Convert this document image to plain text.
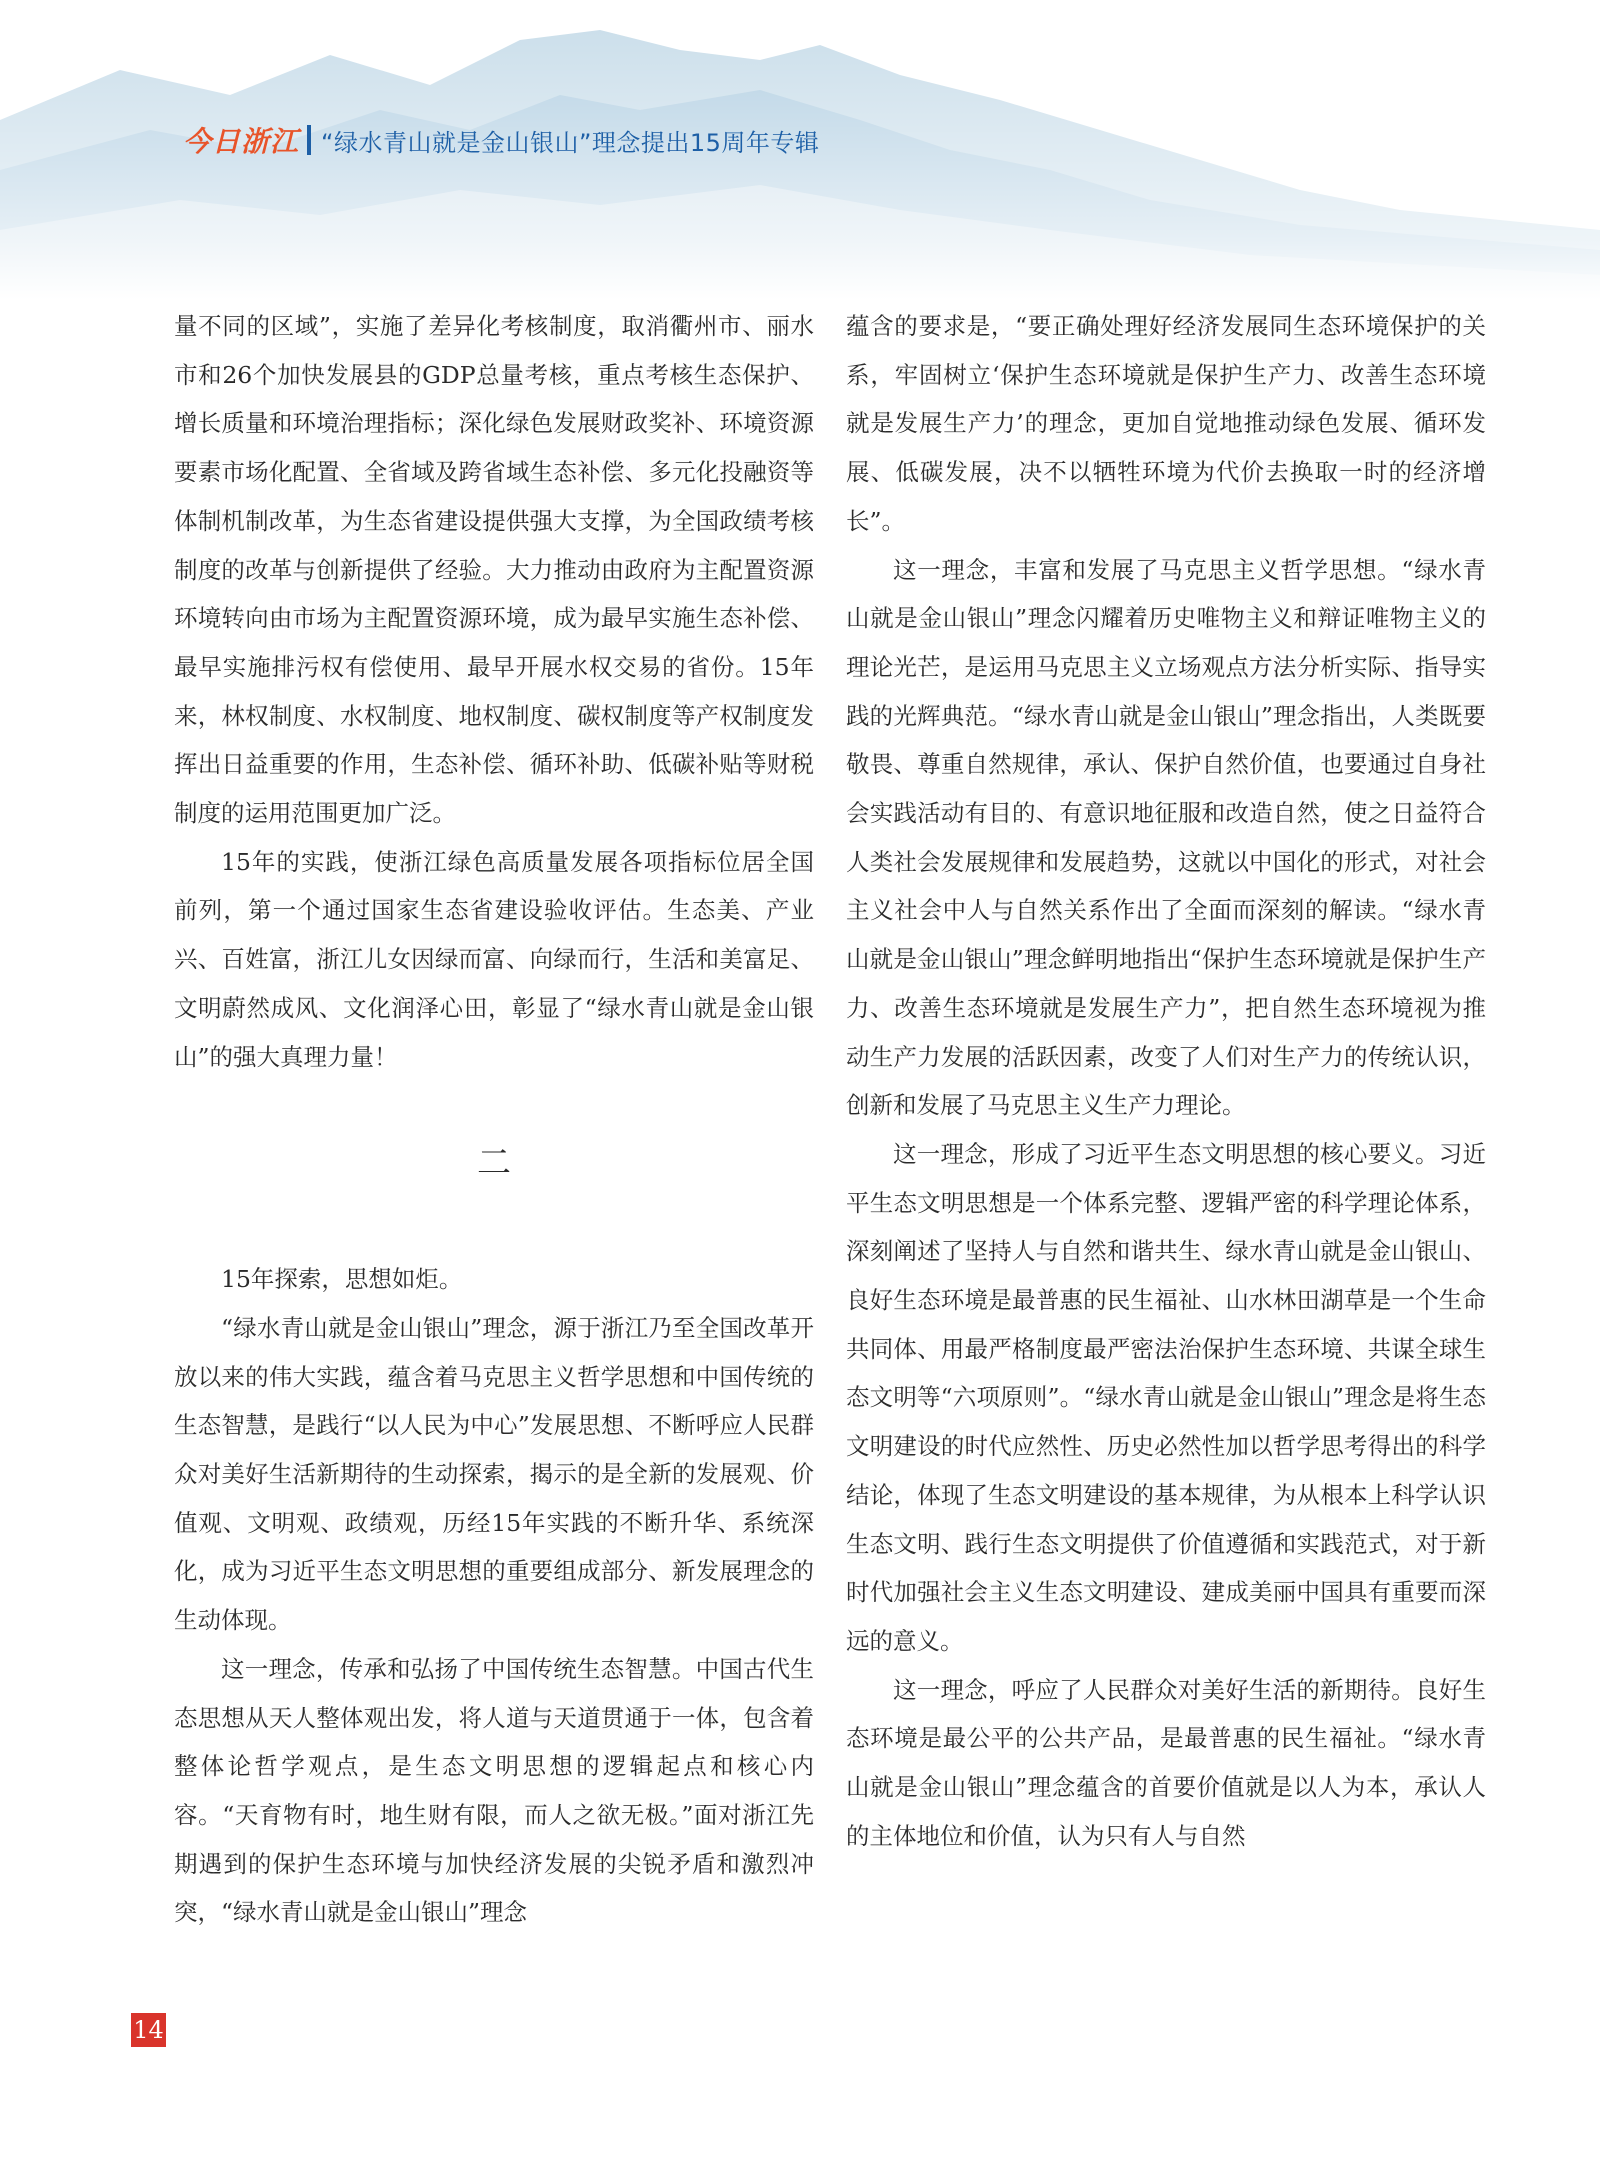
今日浙江 “绿水青山就是金山银山”理念提出15周年专辑

量不同的区域”，实施了差异化考核制度，取消衢州市、丽水市和26个加快发展县的GDP总量考核，重点考核生态保护、增长质量和环境治理指标；深化绿色发展财政奖补、环境资源要素市场化配置、全省域及跨省域生态补偿、多元化投融资等体制机制改革，为生态省建设提供强大支撑，为全国政绩考核制度的改革与创新提供了经验。大力推动由政府为主配置资源环境转向由市场为主配置资源环境，成为最早实施生态补偿、最早实施排污权有偿使用、最早开展水权交易的省份。15年来，林权制度、水权制度、地权制度、碳权制度等产权制度发挥出日益重要的作用，生态补偿、循环补助、低碳补贴等财税制度的运用范围更加广泛。

15年的实践，使浙江绿色高质量发展各项指标位居全国前列，第一个通过国家生态省建设验收评估。生态美、产业兴、百姓富，浙江儿女因绿而富、向绿而行，生活和美富足、文明蔚然成风、文化润泽心田，彰显了“绿水青山就是金山银山”的强大真理力量！

二

15年探索，思想如炬。

“绿水青山就是金山银山”理念，源于浙江乃至全国改革开放以来的伟大实践，蕴含着马克思主义哲学思想和中国传统的生态智慧，是践行“以人民为中心”发展思想、不断呼应人民群众对美好生活新期待的生动探索，揭示的是全新的发展观、价值观、文明观、政绩观，历经15年实践的不断升华、系统深化，成为习近平生态文明思想的重要组成部分、新发展理念的生动体现。

这一理念，传承和弘扬了中国传统生态智慧。中国古代生态思想从天人整体观出发，将人道与天道贯通于一体，包含着整体论哲学观点，是生态文明思想的逻辑起点和核心内容。“天育物有时，地生财有限，而人之欲无极。”面对浙江先期遇到的保护生态环境与加快经济发展的尖锐矛盾和激烈冲突，“绿水青山就是金山银山”理念

蕴含的要求是，“要正确处理好经济发展同生态环境保护的关系，牢固树立‘保护生态环境就是保护生产力、改善生态环境就是发展生产力’的理念，更加自觉地推动绿色发展、循环发展、低碳发展，决不以牺牲环境为代价去换取一时的经济增长”。

这一理念，丰富和发展了马克思主义哲学思想。“绿水青山就是金山银山”理念闪耀着历史唯物主义和辩证唯物主义的理论光芒，是运用马克思主义立场观点方法分析实际、指导实践的光辉典范。“绿水青山就是金山银山”理念指出，人类既要敬畏、尊重自然规律，承认、保护自然价值，也要通过自身社会实践活动有目的、有意识地征服和改造自然，使之日益符合人类社会发展规律和发展趋势，这就以中国化的形式，对社会主义社会中人与自然关系作出了全面而深刻的解读。“绿水青山就是金山银山”理念鲜明地指出“保护生态环境就是保护生产力、改善生态环境就是发展生产力”，把自然生态环境视为推动生产力发展的活跃因素，改变了人们对生产力的传统认识，创新和发展了马克思主义生产力理论。

这一理念，形成了习近平生态文明思想的核心要义。习近平生态文明思想是一个体系完整、逻辑严密的科学理论体系，深刻阐述了坚持人与自然和谐共生、绿水青山就是金山银山、良好生态环境是最普惠的民生福祉、山水林田湖草是一个生命共同体、用最严格制度最严密法治保护生态环境、共谋全球生态文明等“六项原则”。“绿水青山就是金山银山”理念是将生态文明建设的时代应然性、历史必然性加以哲学思考得出的科学结论，体现了生态文明建设的基本规律，为从根本上科学认识生态文明、践行生态文明提供了价值遵循和实践范式，对于新时代加强社会主义生态文明建设、建成美丽中国具有重要而深远的意义。

这一理念，呼应了人民群众对美好生活的新期待。良好生态环境是最公平的公共产品，是最普惠的民生福祉。“绿水青山就是金山银山”理念蕴含的首要价值就是以人为本，承认人的主体地位和价值，认为只有人与自然

14
